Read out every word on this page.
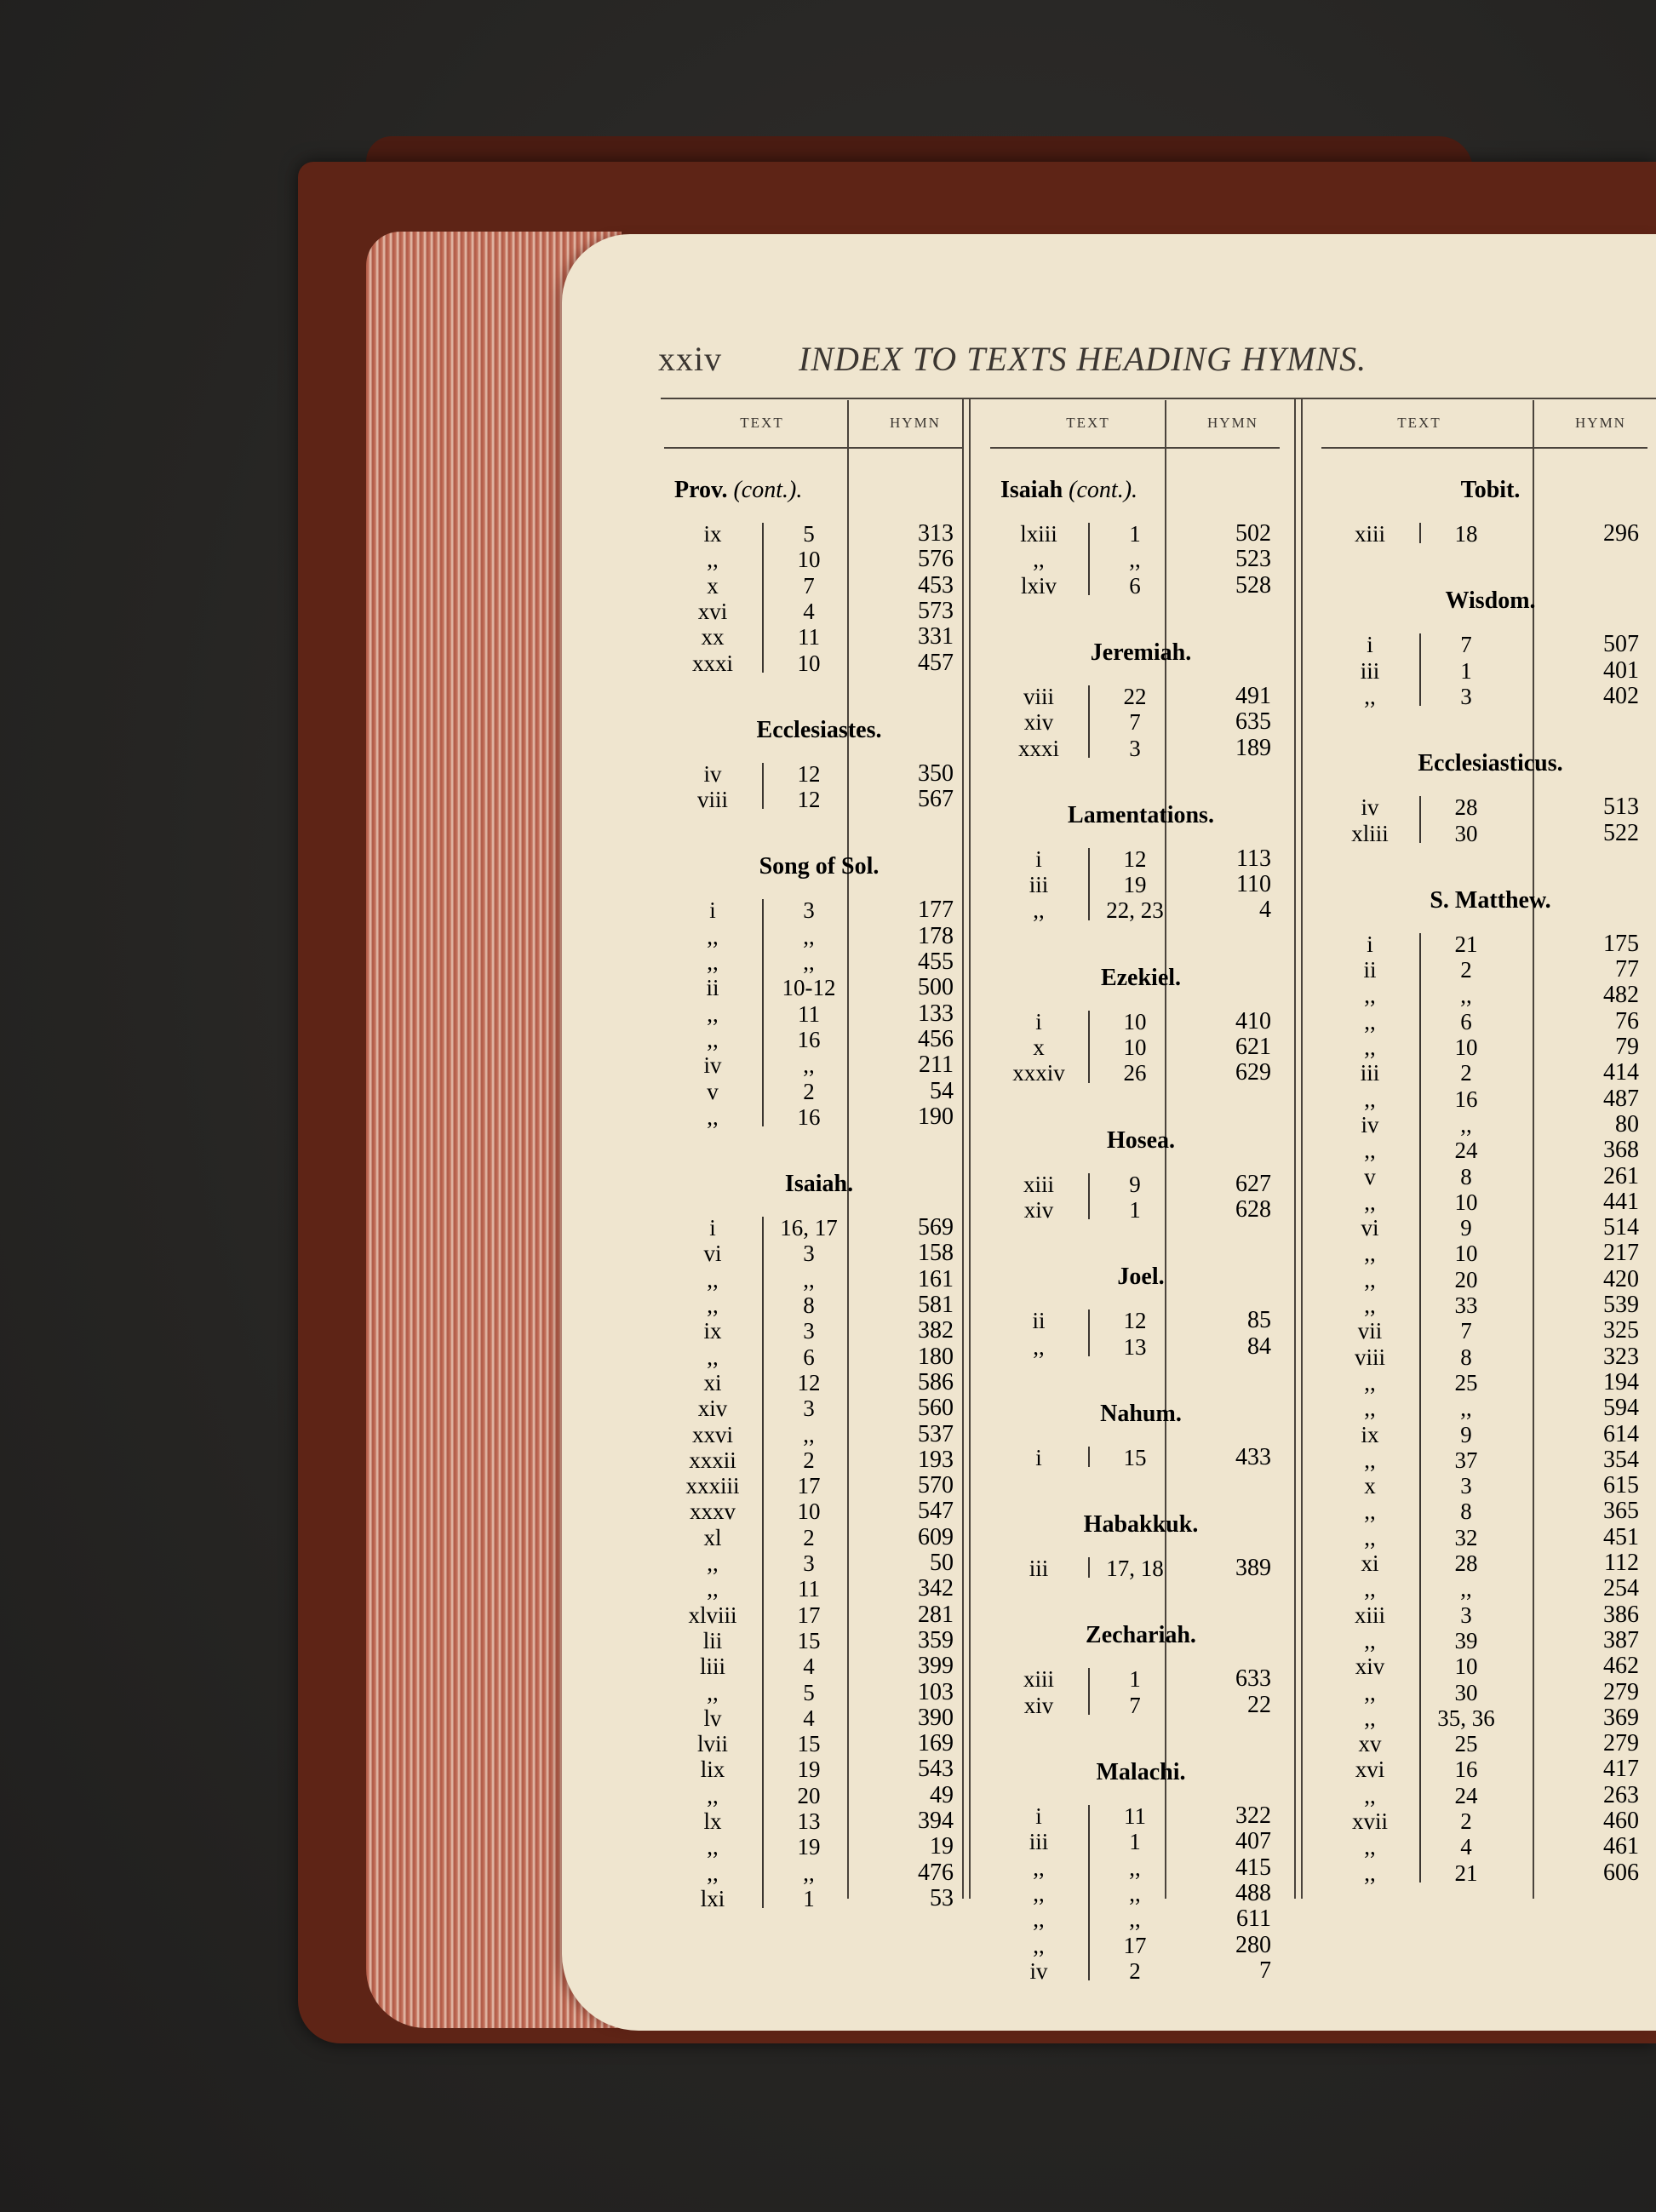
xxiv INDEX TO TEXTS HEADING HYMNS.
TEXT	HYMN	TEXT	HYMN	TEXT	HYMN
Prov. (cont.).
ix	5	313
,,	10	576
x	7	453
xvi	4	573
xx	11	331
xxxi	10	457
Ecclesiastes.
iv	12	350
viii	12	567
Song of Sol.
i	3	177
,,	,,	178
,,	,,	455
ii	10-12	500
,,	11	133
,,	16	456
iv	,,	211
v	2	54
,,	16	190
Isaiah.
i	16, 17	569
vi	3	158
,,	,,	161
,,	8	581
ix	3	382
,,	6	180
xi	12	586
xiv	3	560
xxvi	,,	537
xxxii	2	193
xxxiii	17	570
xxxv	10	547
xl	2	609
,,	3	50
,,	11	342
xlviii	17	281
lii	15	359
liii	4	399
,,	5	103
lv	4	390
lvii	15	169
lix	19	543
,,	20	49
lx	13	394
,,	19	19
,,	,,	476
lxi	1	53
Isaiah (cont.).
lxiii	1	502
,,	,,	523
lxiv	6	528
Jeremiah.
viii	22	491
xiv	7	635
xxxi	3	189
Lamentations.
i	12	113
iii	19	110
,,	22, 23	4
Ezekiel.
i	10	410
x	10	621
xxxiv	26	629
Hosea.
xiii	9	627
xiv	1	628
Joel.
ii	12	85
,,	13	84
Nahum.
i	15	433
Habakkuk.
iii	17, 18	389
Zechariah.
xiii	1	633
xiv	7	22
Malachi.
i	11	322
iii	1	407
,,	,,	415
,,	,,	488
,,	,,	611
,,	17	280
iv	2	7
Tobit.
xiii	18	296
Wisdom.
i	7	507
iii	1	401
,,	3	402
Ecclesiasticus.
iv	28	513
xliii	30	522
S. Matthew.
i	21	175
ii	2	77
,,	,,	482
,,	6	76
,,	10	79
iii	2	414
,,	16	487
iv	,,	80
,,	24	368
v	8	261
,,	10	441
vi	9	514
,,	10	217
,,	20	420
,,	33	539
vii	7	325
viii	8	323
,,	25	194
,,	,,	594
ix	9	614
,,	37	354
x	3	615
,,	8	365
,,	32	451
xi	28	112
,,	,,	254
xiii	3	386
,,	39	387
xiv	10	462
,,	30	279
,,	35, 36	369
xv	25	279
xvi	16	417
,,	24	263
xvii	2	460
,,	4	461
,,	21	606
